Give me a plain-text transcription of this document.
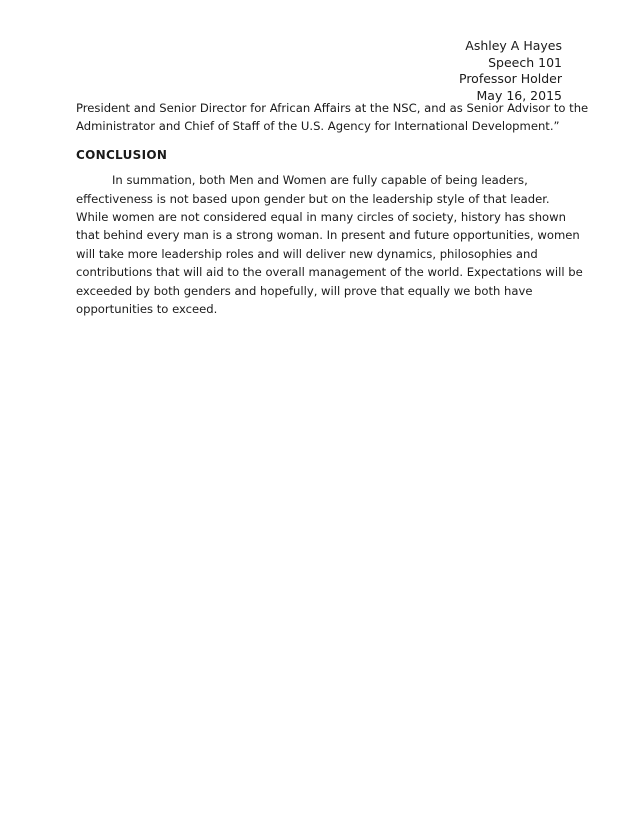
Ashley A Hayes
Speech 101
Professor Holder
May 16, 2015

President and Senior Director for African Affairs at the NSC, and as Senior Advisor to the
Administrator and Chief of Staff of the U.S. Agency for International Development.”

CONCLUSION

In summation, both Men and Women are fully capable of being leaders,
effectiveness is not based upon gender but on the leadership style of that leader.
While women are not considered equal in many circles of society, history has shown
that behind every man is a strong woman. In present and future opportunities, women
will take more leadership roles and will deliver new dynamics, philosophies and
contributions that will aid to the overall management of the world. Expectations will be
exceeded by both genders and hopefully, will prove that equally we both have
opportunities to exceed.
